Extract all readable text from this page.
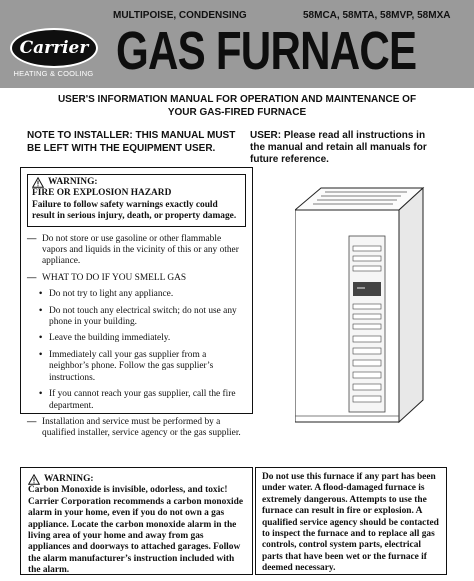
Carrier
HEATING & COOLING
MULTIPOISE, CONDENSING	58MCA, 58MTA, 58MVP, 58MXA
GAS FURNACE
USER'S INFORMATION MANUAL FOR OPERATION AND MAINTENANCE OF
YOUR GAS-FIRED FURNACE
NOTE TO INSTALLER: THIS MANUAL MUST BE LEFT WITH THE EQUIPMENT USER.
USER: Please read all instructions in the manual and retain all manuals for future reference.
WARNING:
FIRE OR EXPLOSION HAZARD
Failure to follow safety warnings exactly could result in serious injury, death, or property damage.
— Do not store or use gasoline or other flammable vapors and liquids in the vicinity of this or any other appliance.
— WHAT TO DO IF YOU SMELL GAS
• Do not try to light any appliance.
• Do not touch any electrical switch; do not use any phone in your building.
• Leave the building immediately.
• Immediately call your gas supplier from a neighbor’s phone. Follow the gas supplier’s instructions.
• If you cannot reach your gas supplier, call the fire department.
— Installation and service must be performed by a qualified installer, service agency or the gas supplier.
WARNING:
Carbon Monoxide is invisible, odorless, and toxic! Carrier Corporation recommends a carbon monoxide alarm in your home, even if you do not own a gas appliance. Locate the carbon monoxide alarm in the living area of your home and away from gas appliances and doorways to attached garages. Follow the alarm manufacturer’s instruction included with the alarm.
Do not use this furnace if any part has been under water. A flood-damaged furnace is extremely dangerous. Attempts to use the furnace can result in fire or explosion. A qualified service agency should be contacted to inspect the furnace and to replace all gas controls, control system parts, electrical parts that have been wet or the furnace if deemed necessary.
